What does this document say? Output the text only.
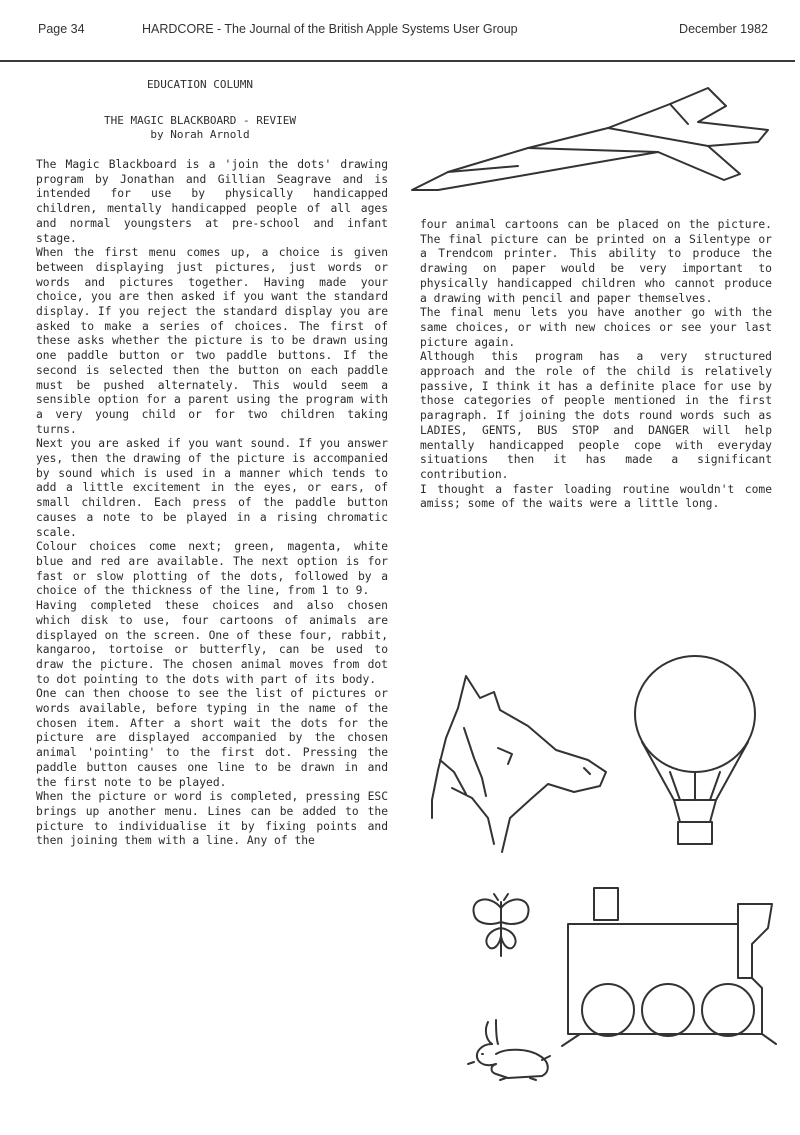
Page 34	HARDCORE - The Journal of the British Apple Systems User Group	December 1982
EDUCATION COLUMN
THE MAGIC BLACKBOARD - REVIEW
by Norah Arnold

The Magic Blackboard is a 'join the dots' drawing program by Jonathan and Gillian Seagrave and is intended for use by physically handicapped children, mentally handicapped people of all ages and normal youngsters at pre-school and infant stage.

When the first menu comes up, a choice is given between displaying just pictures, just words or words and pictures together. Having made your choice, you are then asked if you want the standard display. If you reject the standard display you are asked to make a series of choices. The first of these asks whether the picture is to be drawn using one paddle button or two paddle buttons. If the second is selected then the button on each paddle must be pushed alternately. This would seem a sensible option for a parent using the program with a very young child or for two children taking turns.

Next you are asked if you want sound. If you answer yes, then the drawing of the picture is accompanied by sound which is used in a manner which tends to add a little excitement in the eyes, or ears, of small children. Each press of the paddle button causes a note to be played in a rising chromatic scale.

Colour choices come next; green, magenta, white blue and red are available. The next option is for fast or slow plotting of the dots, followed by a choice of the thickness of the line, from 1 to 9.

Having completed these choices and also chosen which disk to use, four cartoons of animals are displayed on the screen. One of these four, rabbit, kangaroo, tortoise or butterfly, can be used to draw the picture. The chosen animal moves from dot to dot pointing to the dots with part of its body.

One can then choose to see the list of pictures or words available, before typing in the name of the chosen item. After a short wait the dots for the picture are displayed accompanied by the chosen animal 'pointing' to the first dot. Pressing the paddle button causes one line to be drawn in and the first note to be played.

When the picture or word is completed, pressing ESC brings up another menu. Lines can be added to the picture to individualise it by fixing points and then joining them with a line. Any of the

four animal cartoons can be placed on the picture. The final picture can be printed on a Silentype or a Trendcom printer. This ability to produce the drawing on paper would be very important to physically handicapped children who cannot produce a drawing with pencil and paper themselves.

The final menu lets you have another go with the same choices, or with new choices or see your last picture again.

Although this program has a very structured approach and the role of the child is relatively passive, I think it has a definite place for use by those categories of people mentioned in the first paragraph. If joining the dots round words such as LADIES, GENTS, BUS STOP and DANGER will help mentally handicapped people cope with everyday situations then it has made a significant contribution.

I thought a faster loading routine wouldn't come amiss; some of the waits were a little long.
